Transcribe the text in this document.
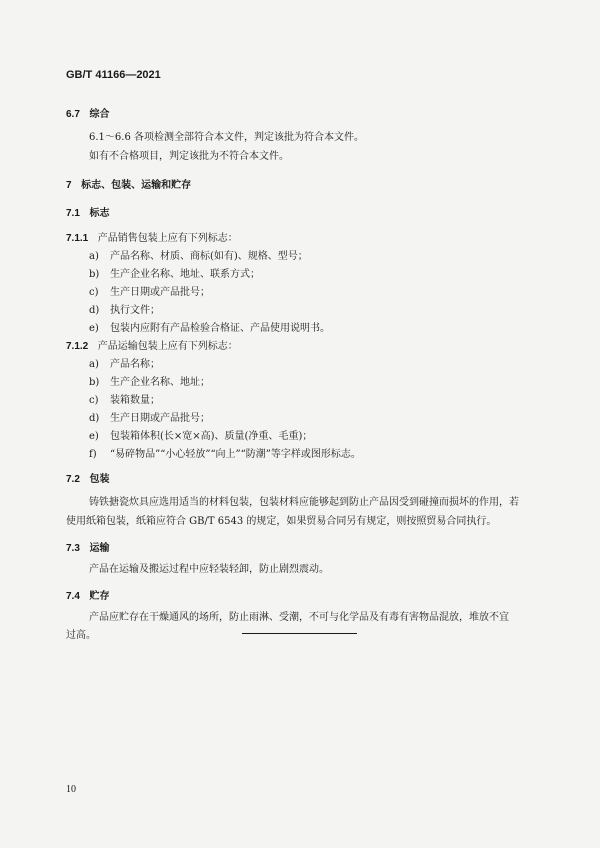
GB/T 41166—2021
6.7 综合
6.1～6.6 各项检测全部符合本文件，判定该批为符合本文件。
如有不合格项目，判定该批为不符合本文件。
7 标志、包装、运输和贮存
7.1 标志
7.1.1 产品销售包装上应有下列标志：
a) 产品名称、材质、商标(如有)、规格、型号；
b) 生产企业名称、地址、联系方式；
c) 生产日期或产品批号；
d) 执行文件；
e) 包装内应附有产品检验合格证、产品使用说明书。
7.1.2 产品运输包装上应有下列标志：
a) 产品名称；
b) 生产企业名称、地址；
c) 装箱数量；
d) 生产日期或产品批号；
e) 包装箱体积(长×宽×高)、质量(净重、毛重)；
f) “易碎物品”“小心轻放”“向上”“防潮”等字样或图形标志。
7.2 包装
铸铁搪瓷炊具应选用适当的材料包装，包装材料应能够起到防止产品因受到碰撞而损坏的作用，若
使用纸箱包装，纸箱应符合 GB/T 6543 的规定，如果贸易合同另有规定，则按照贸易合同执行。
7.3 运输
产品在运输及搬运过程中应轻装轻卸，防止剧烈震动。
7.4 贮存
产品应贮存在干燥通风的场所，防止雨淋、受潮，不可与化学品及有毒有害物品混放，堆放不宜
过高。
10
